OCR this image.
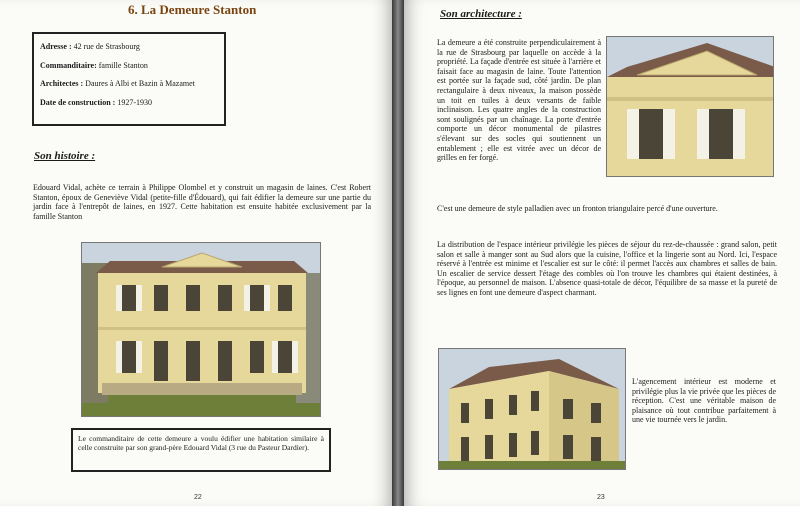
6. La Demeure Stanton
Adresse : 42 rue de Strasbourg
Commanditaire: famille Stanton
Architectes : Daures à Albi et Bazin à Mazamet
Date de construction : 1927-1930
Son histoire :
Edouard Vidal, achète ce terrain à Philippe Olombel et y construit un magasin de laines. C'est Robert Stanton, époux de Geneviève Vidal (petite-fille d'Édouard), qui fait édifier la demeure sur une partie du jardin face à l'entrepôt de laines, en 1927. Cette habitation est ensuite habitée exclusivement par la famille Stanton
Le commanditaire de cette demeure a voulu édifier une habitation similaire à celle construite par son grand-père Edouard Vidal (3 rue du Pasteur Dardier).
22
Son architecture :
La demeure a été construite perpendiculairement à la rue de Strasbourg par laquelle on accède à la propriété. La façade d'entrée est située à l'arrière et faisait face au magasin de laine. Toute l'attention est portée sur la façade sud, côté jardin. De plan rectangulaire à deux niveaux, la maison possède un toit en tuiles à deux versants de faible inclinaison. Les quatre angles de la construction sont soulignés par un chaînage. La porte d'entrée comporte un décor monumental de pilastres s'élevant sur des socles qui soutiennent un entablement ; elle est vitrée avec un décor de grilles en fer forgé.
C'est une demeure de style palladien avec un fronton triangulaire percé d'une ouverture.
La distribution de l'espace intérieur privilégie les pièces de séjour du rez-de-chaussée : grand salon, petit salon et salle à manger sont au Sud alors que la cuisine, l'office et la lingerie sont au Nord. Ici, l'espace réservé à l'entrée est minime et l'escalier est sur le côté: il permet l'accès aux chambres et salles de bain. Un escalier de service dessert l'étage des combles où l'on trouve les chambres qui étaient destinées, à l'époque, au personnel de maison. L'absence quasi-totale de décor, l'équilibre de sa masse et la pureté de ses lignes en font une demeure d'aspect charmant.
L'agencement intérieur est moderne et privilégie plus la vie privée que les pièces de réception. C'est une véritable maison de plaisance où tout contribue parfaitement à une vie tournée vers le jardin.
23
